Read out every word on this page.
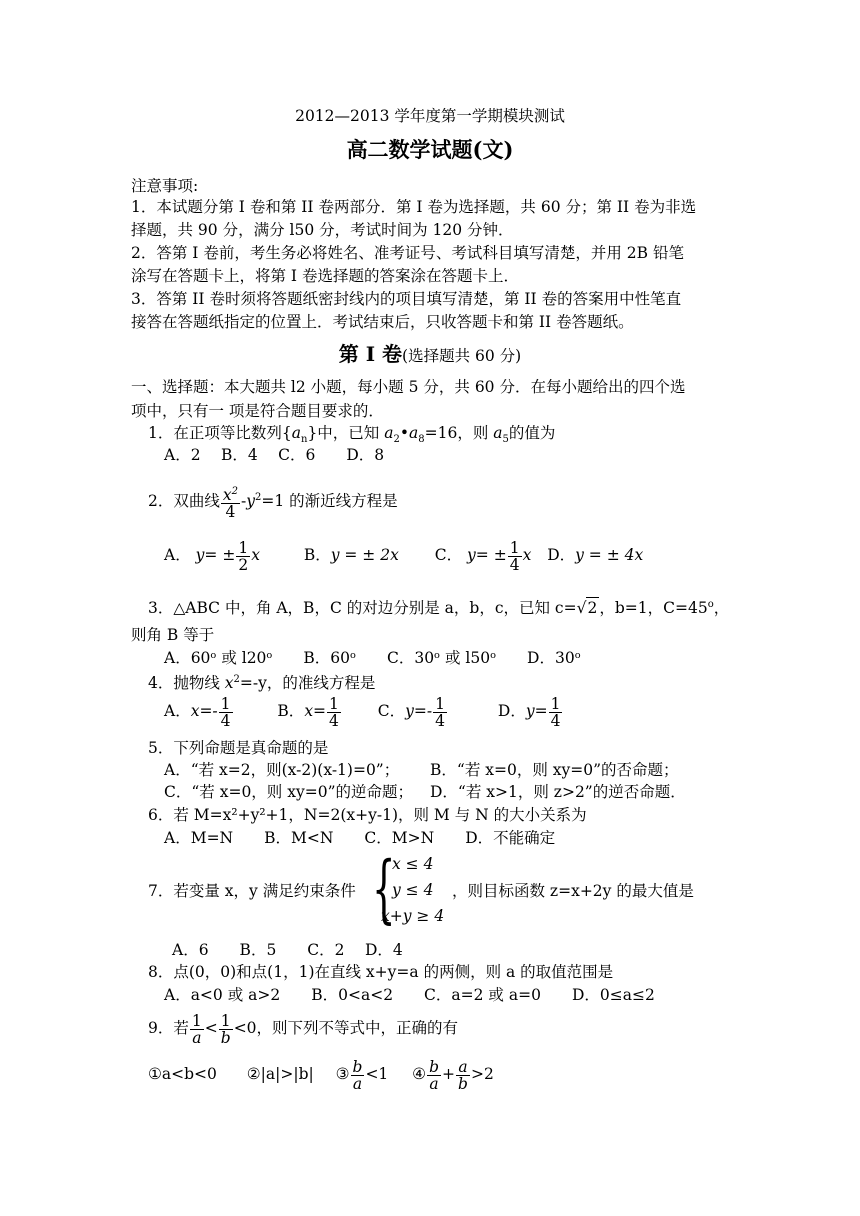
2012—2013 学年度第一学期模块测试
高二数学试题(文)
注意事项:
1．本试题分第 I 卷和第 II 卷两部分．第 I 卷为选择题，共 60 分；第 II 卷为非选
择题，共 90 分，满分 l50 分，考试时间为 120 分钟．
2．答第 I 卷前，考生务必将姓名、准考证号、考试科目填写清楚，并用 2B 铅笔
涂写在答题卡上，将第 I 卷选择题的答案涂在答题卡上．
3．答第 II 卷时须将答题纸密封线内的项目填写清楚，第 II 卷的答案用中性笔直
接答在答题纸指定的位置上．考试结束后，只收答题卡和第 II 卷答题纸。
第 I 卷(选择题共 60 分)
一、选择题：本大题共 l2 小题，每小题 5 分，共 60 分．在每小题给出的四个选
项中，只有一 项是符合题目要求的．
1．在正项等比数列$\{a_n\}$中，已知 $a_2•a_8=16$，则 $a_5$的值为
A．2　 B．4　 C．6　　D．8
2．双曲线 $\frac{x^2}{4} -y^2=1$ 的渐近线方程是
A． $y= \pm \frac{1}{2}$ x	B．y = ± 2x C． $y= \pm \frac{1}{4}$ x D．y = ± 4x
3．△ABC 中，角 A，B，C 的对边分别是 a，b，c，已知 c=√2 ，b=1，$C=45^o$，
则角 B 等于
A．60ᵒ 或 l20ᵒ　　B．60ᵒ　　C．30ᵒ 或 l50ᵒ　　D．30ᵒ
4．抛物线 $x^2=-y$，的准线方程是
A．$x=- \frac{1}{4}$	B．$x= \frac{1}{4}$ C．$y=- \frac{1}{4}$	D．$y= \frac{1}{4}$
5．下列命题是真命题的是
A．“若 x=2，则(x-2)(x-1)=0”； B．“若 x=0，则 xy=0”的否命题；
C．“若 x=0，则 xy=0”的逆命题； D．“若 x>1，则 z>2”的逆否命题．
6．若 M=x²+y²+1，N=2(x+y-1)，则 M 与 N 的大小关系为
A．M=N　　B．M<N　　C．M>N　　D．不能确定
7．若变量 x，y 满足约束条件 {
x ≤ 4
y ≤ 4
x+y ≥ 4
，则目标函数 z=x+2y 的最大值是
A．6　　B．5　　C．2　 D．4
8．点(0，0)和点(1，1)在直线 x+y=a 的两侧，则 a 的取值范围是
A．a<0 或 a>2　　B．0<a<2　　C．a=2 或 a=0　　D．0≤a≤2
9．若 $\frac{1}{a} < \frac{1}{b} <0$，则下列不等式中，正确的有
①a<b<0 ②|a|>|b| ③ $\frac{b}{a} <1$ ④ $\frac{b}{a} + \frac{a}{b} >2$
